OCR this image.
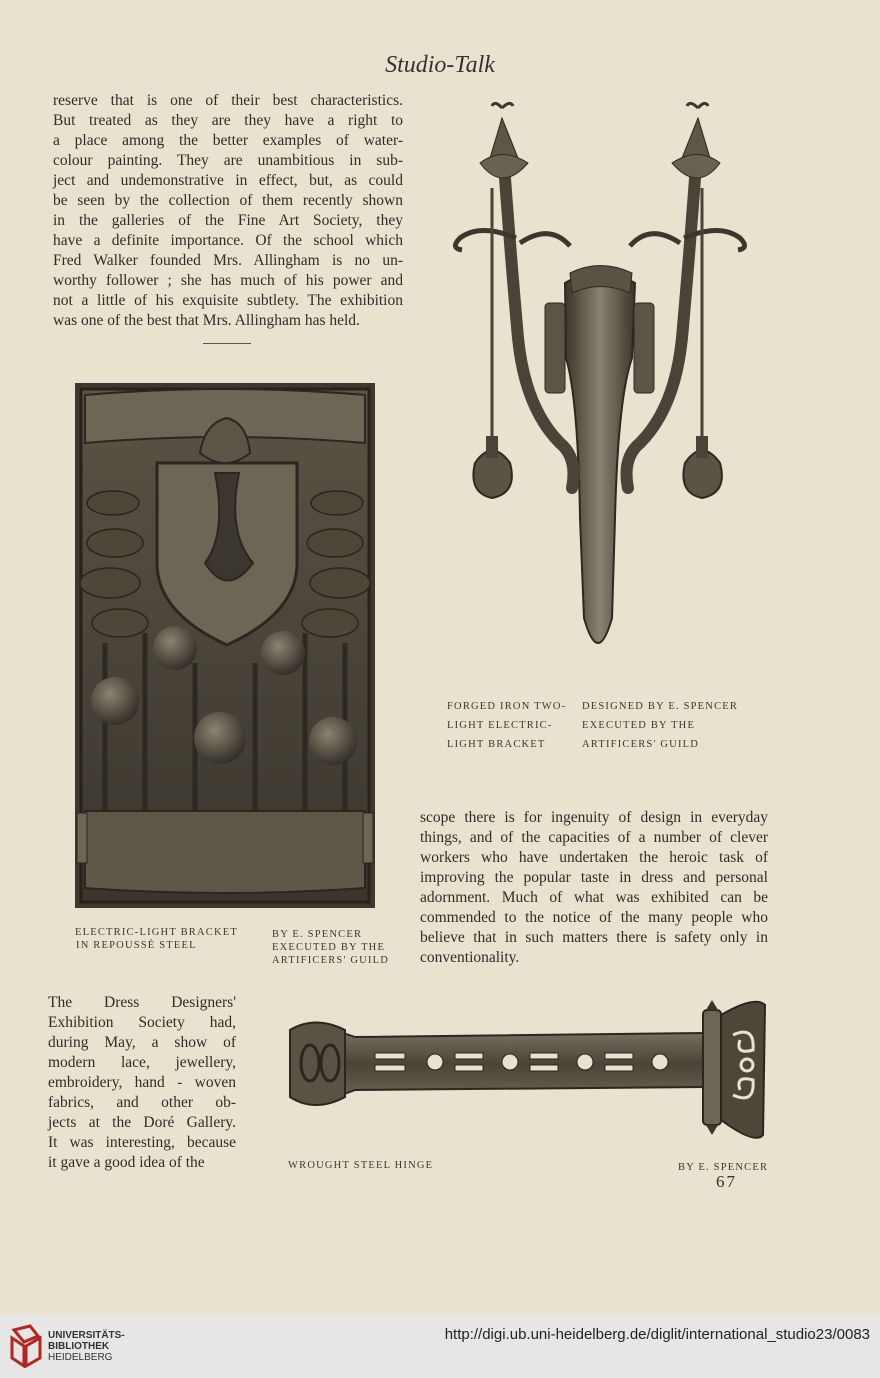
Studio-Talk
reserve that is one of their best characteristics.
But treated as they are they have a right to
a place among the better examples of water-
colour painting. They are unambitious in sub-
ject and undemonstrative in effect, but, as could
be seen by the collection of them recently shown
in the galleries of the Fine Art Society, they
have a definite importance. Of the school which
Fred Walker founded Mrs. Allingham is no un-
worthy follower ; she has much of his power and
not a little of his exquisite subtlety. The exhibition
was one of the best that Mrs. Allingham has held.
FORGED IRON TWO-
LIGHT ELECTRIC-
LIGHT BRACKET
DESIGNED BY E. SPENCER
EXECUTED BY THE
ARTIFICERS' GUILD
ELECTRIC-LIGHT BRACKET
IN REPOUSSÉ STEEL
BY E. SPENCER
EXECUTED BY THE
ARTIFICERS' GUILD
scope there is for ingenuity of design in everyday
things, and of the capacities of a number of clever
workers who have undertaken the heroic task of
improving the popular taste in dress and personal
adornment. Much of what was exhibited can be
commended to the notice of the many people who
believe that in such matters there is safety only in
conventionality.
The Dress Designers'
Exhibition Society had,
during May, a show of
modern lace, jewellery,
embroidery, hand - woven
fabrics, and other ob-
jects at the Doré Gallery.
It was interesting, because
it gave a good idea of the	WROUGHT STEEL HINGE	BY E. SPENCER
67
UNIVERSITÄTS-
BIBLIOTHEK
HEIDELBERG
http://digi.ub.uni-heidelberg.de/diglit/international_studio23/0083
